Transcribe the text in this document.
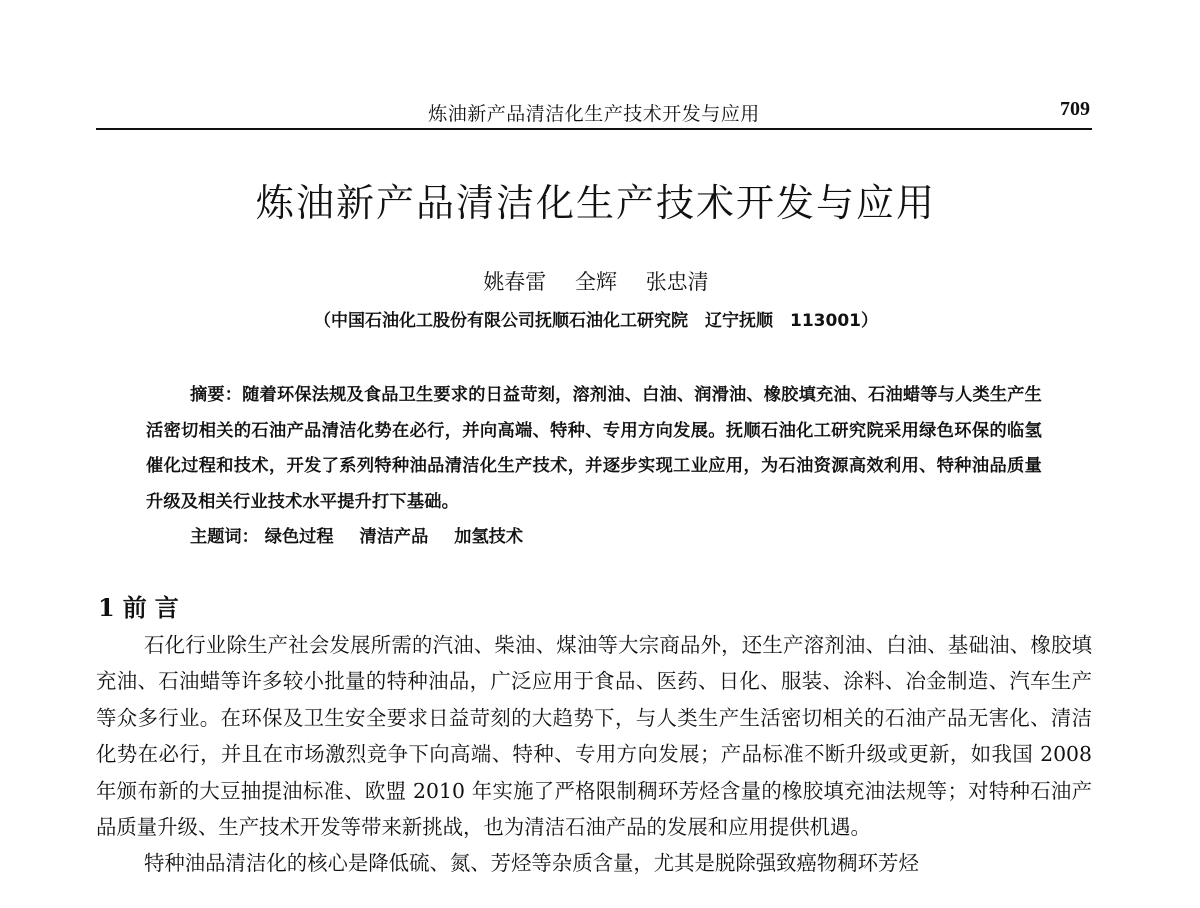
炼油新产品清洁化生产技术开发与应用	709
炼油新产品清洁化生产技术开发与应用
姚春雷 全辉 张忠清
（中国石油化工股份有限公司抚顺石油化工研究院　辽宁抚顺　113001）
摘要：随着环保法规及食品卫生要求的日益苛刻，溶剂油、白油、润滑油、橡胶填充油、石油蜡等与人类生产生活密切相关的石油产品清洁化势在必行，并向高端、特种、专用方向发展。抚顺石油化工研究院采用绿色环保的临氢催化过程和技术，开发了系列特种油品清洁化生产技术，并逐步实现工业应用，为石油资源高效利用、特种油品质量升级及相关行业技术水平提升打下基础。
主题词： 绿色过程 清洁产品 加氢技术
1 前言

石化行业除生产社会发展所需的汽油、柴油、煤油等大宗商品外，还生产溶剂油、白油、基础油、橡胶填充油、石油蜡等许多较小批量的特种油品，广泛应用于食品、医药、日化、服装、涂料、冶金制造、汽车生产等众多行业。在环保及卫生安全要求日益苛刻的大趋势下，与人类生产生活密切相关的石油产品无害化、清洁化势在必行，并且在市场激烈竞争下向高端、特种、专用方向发展；产品标准不断升级或更新，如我国 2008 年颁布新的大豆抽提油标准、欧盟 2010 年实施了严格限制稠环芳烃含量的橡胶填充油法规等；对特种石油产品质量升级、生产技术开发等带来新挑战，也为清洁石油产品的发展和应用提供机遇。

特种油品清洁化的核心是降低硫、氮、芳烃等杂质含量，尤其是脱除强致癌物稠环芳烃
